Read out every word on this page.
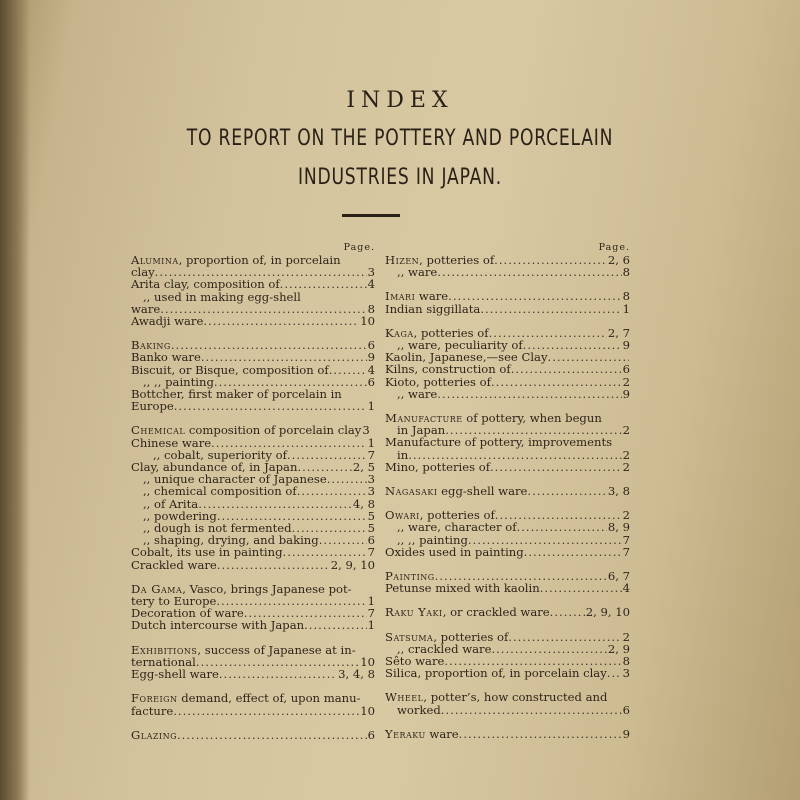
INDEX
TO REPORT ON THE POTTERY AND PORCELAIN
INDUSTRIES IN JAPAN.
Page.
Alumina, proportion of, in porcelain
clay .....	3
Arita clay, composition of .....	4
,, used in making egg-shell
ware .....	8
Awadji ware .....	10
Baking .....	6
Banko ware .....	9
Biscuit, or Bisque, composition of .....	4
,, ,, painting .....	6
Bottcher, first maker of porcelain in
Europe .....	1
Chemical composition of porcelain clay 3
Chinese ware .....	1
,, cobalt, superiority of .....	7
Clay, abundance of, in Japan .....	2, 5
,, unique character of Japanese .....	3
,, chemical composition of .....	3
,, of Arita .....	4, 8
,, powdering .....	5
,, dough is not fermented .....	5
,, shaping, drying, and baking .....	6
Cobalt, its use in painting .....	7
Crackled ware .....	2, 9, 10
Da Gama, Vasco, brings Japanese pot-
tery to Europe .....	1
Decoration of ware .....	7
Dutch intercourse with Japan .....	1
Exhibitions, success of Japanese at in-
ternational .....	10
Egg-shell ware .....	3, 4, 8
Foreign demand, effect of, upon manu-
facture .....	10
Glazing .....	6
Page.
Hizen, potteries of .....	2, 6
,, ware .....	8
Imari ware .....	8
Indian siggillata .....	1
Kaga, potteries of .....	2, 7
,, ware, peculiarity of .....	9
Kaolin, Japanese,—see Clay
.....
Kilns, construction of .....	6
Kioto, potteries of .....	2
,, ware .....	9
Manufacture of pottery, when begun
in Japan .....	2
Manufacture of pottery, improvements
in .....	2
Mino, potteries of .....	2
Nagasaki egg-shell ware .....	3, 8
Owari, potteries of .....	2
,, ware, character of .....	8, 9
,, ,, painting .....	7
Oxides used in painting .....	7
Painting .....	6, 7
Petunse mixed with kaolin .....	4
Raku Yaki, or crackled ware .....	2, 9, 10
Satsuma, potteries of .....	2
,, crackled ware .....	2, 9
Sêto ware .....	8
Silica, proportion of, in porcelain clay ..... 3
Wheel, potter’s, how constructed and
worked .....	6
Yeraku ware .....	9
